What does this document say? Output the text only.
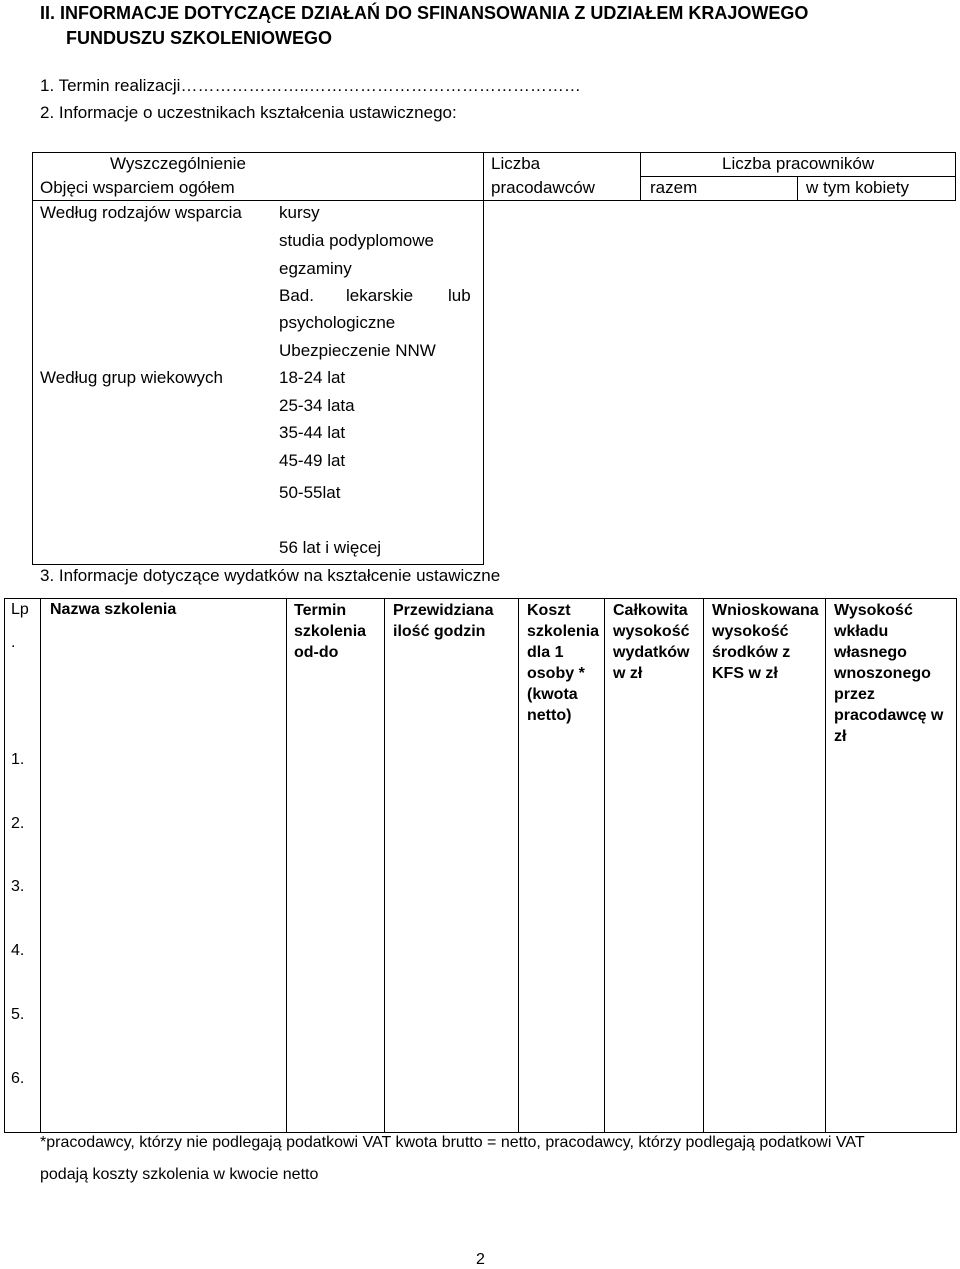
II. INFORMACJE DOTYCZĄCE DZIAŁAŃ DO SFINANSOWANIA Z UDZIAŁEM KRAJOWEGO
FUNDUSZU SZKOLENIOWEGO
1. Termin realizacji…………………..…………………………………………
2. Informacje o uczestnikach kształcenia ustawicznego:
Wyszczególnienie
Objęci wsparciem ogółem
Liczba
pracodawców
Liczba pracowników
razem	w tym kobiety
Według rodzajów wsparcia
Według grup wiekowych
kursy
studia podyplomowe
egzaminy
Bad. lekarskie lub
psychologiczne
Ubezpieczenie NNW
18-24 lat
25-34 lata
35-44 lat
45-49 lat
50-55lat
56 lat i więcej
3. Informacje dotyczące wydatków na kształcenie ustawiczne
Lp
.
Nazwa szkolenia	Termin szkolenia od-do
Przewidziana ilość godzin
Koszt szkolenia dla 1 osoby * (kwota netto)
Całkowita wysokość wydatków w zł
Wnioskowana wysokość środków z KFS w zł
Wysokość wkładu własnego wnoszonego przez pracodawcę w zł
1.
2.
3.
4.
5.
6.
*pracodawcy, którzy nie podlegają podatkowi VAT kwota brutto = netto, pracodawcy, którzy podlegają podatkowi VAT
podają koszty szkolenia w kwocie netto
2
